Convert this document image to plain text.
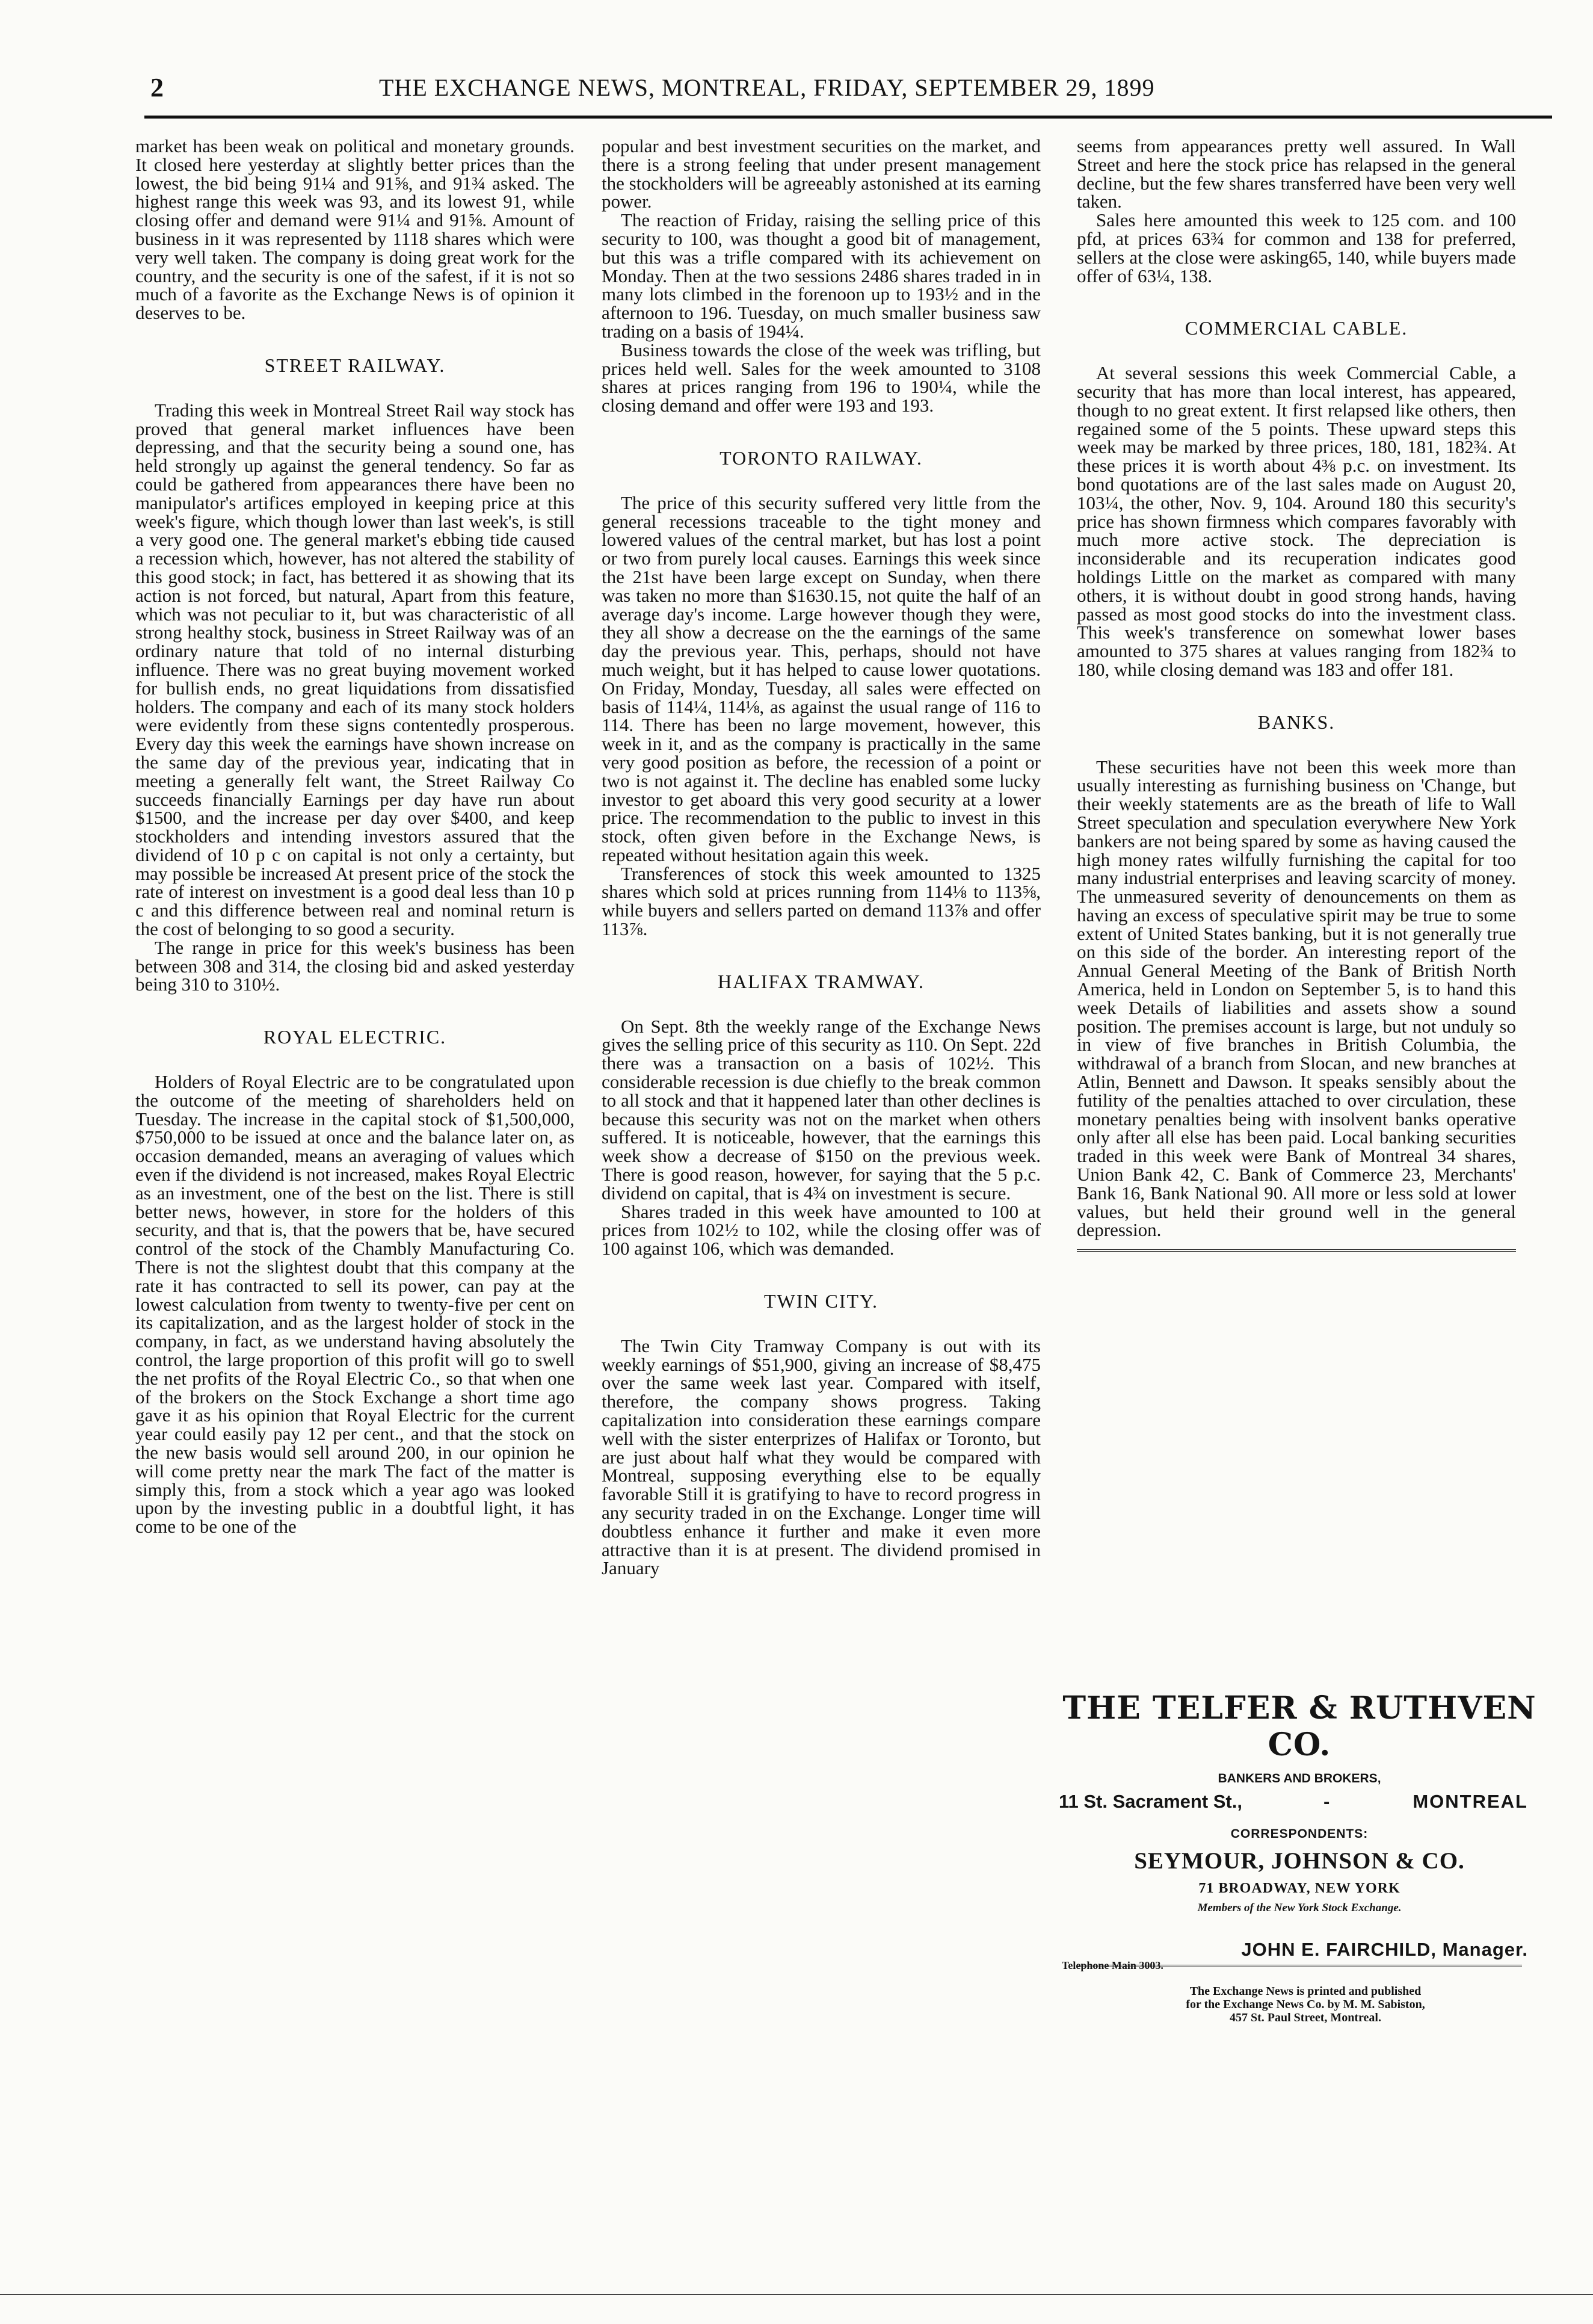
2	THE EXCHANGE NEWS, MONTREAL, FRIDAY, SEPTEMBER 29, 1899

market has been weak on political and monetary grounds. It closed here yesterday at slightly better prices than the lowest, the bid being 91¼ and 91⅝, and 91¾ asked. The highest range this week was 93, and its lowest 91, while closing offer and demand were 91¼ and 91⅝. Amount of business in it was represented by 1118 shares which were very well taken. The company is doing great work for the country, and the security is one of the safest, if it is not so much of a favorite as the Exchange News is of opinion it deserves to be.

STREET RAILWAY.

Trading this week in Montreal Street Rail way stock has proved that general market influences have been depressing, and that the security being a sound one, has held strongly up against the general tendency. So far as could be gathered from appearances there have been no manipulator's artifices employed in keeping price at this week's figure, which though lower than last week's, is still a very good one. The general market's ebbing tide caused a recession which, however, has not altered the stability of this good stock; in fact, has bettered it as showing that its action is not forced, but natural, Apart from this feature, which was not peculiar to it, but was characteristic of all strong healthy stock, business in Street Railway was of an ordinary nature that told of no internal disturbing influence. There was no great buying movement worked for bullish ends, no great liquidations from dissatisfied holders. The company and each of its many stock holders were evidently from these signs contentedly prosperous. Every day this week the earnings have shown increase on the same day of the previous year, indicating that in meeting a generally felt want, the Street Railway Co succeeds financially Earnings per day have run about $1500, and the increase per day over $400, and keep stockholders and intending investors assured that the dividend of 10 p c on capital is not only a certainty, but may possible be increased At present price of the stock the rate of interest on investment is a good deal less than 10 p c and this difference between real and nominal return is the cost of belonging to so good a security.

The range in price for this week's business has been between 308 and 314, the closing bid and asked yesterday being 310 to 310½.

ROYAL ELECTRIC.

Holders of Royal Electric are to be congratulated upon the outcome of the meeting of shareholders held on Tuesday. The increase in the capital stock of $1,500,000, $750,000 to be issued at once and the balance later on, as occasion demanded, means an averaging of values which even if the dividend is not increased, makes Royal Electric as an investment, one of the best on the list. There is still better news, however, in store for the holders of this security, and that is, that the powers that be, have secured control of the stock of the Chambly Manufacturing Co. There is not the slightest doubt that this company at the rate it has contracted to sell its power, can pay at the lowest calculation from twenty to twenty-five per cent on its capitalization, and as the largest holder of stock in the company, in fact, as we understand having absolutely the control, the large proportion of this profit will go to swell the net profits of the Royal Electric Co., so that when one of the brokers on the Stock Exchange a short time ago gave it as his opinion that Royal Electric for the current year could easily pay 12 per cent., and that the stock on the new basis would sell around 200, in our opinion he will come pretty near the mark The fact of the matter is simply this, from a stock which a year ago was looked upon by the investing public in a doubtful light, it has come to be one of the

popular and best investment securities on the market, and there is a strong feeling that under present management the stockholders will be agreeably astonished at its earning power.

The reaction of Friday, raising the selling price of this security to 100, was thought a good bit of management, but this was a trifle compared with its achievement on Monday. Then at the two sessions 2486 shares traded in in many lots climbed in the forenoon up to 193½ and in the afternoon to 196. Tuesday, on much smaller business saw trading on a basis of 194¼.

Business towards the close of the week was trifling, but prices held well. Sales for the week amounted to 3108 shares at prices ranging from 196 to 190¼, while the closing demand and offer were 193 and 193.

TORONTO RAILWAY.

The price of this security suffered very little from the general recessions traceable to the tight money and lowered values of the central market, but has lost a point or two from purely local causes. Earnings this week since the 21st have been large except on Sunday, when there was taken no more than $1630.15, not quite the half of an average day's income. Large however though they were, they all show a decrease on the the earnings of the same day the previous year. This, perhaps, should not have much weight, but it has helped to cause lower quotations. On Friday, Monday, Tuesday, all sales were effected on basis of 114¼, 114⅛, as against the usual range of 116 to 114. There has been no large movement, however, this week in it, and as the company is practically in the same very good position as before, the recession of a point or two is not against it. The decline has enabled some lucky investor to get aboard this very good security at a lower price. The recommendation to the public to invest in this stock, often given before in the Exchange News, is repeated without hesitation again this week.

Transferences of stock this week amounted to 1325 shares which sold at prices running from 114⅛ to 113⅝, while buyers and sellers parted on demand 113⅞ and offer 113⅞.

HALIFAX TRAMWAY.

On Sept. 8th the weekly range of the Exchange News gives the selling price of this security as 110. On Sept. 22d there was a transaction on a basis of 102½. This considerable recession is due chiefly to the break common to all stock and that it happened later than other declines is because this security was not on the market when others suffered. It is noticeable, however, that the earnings this week show a decrease of $150 on the previous week. There is good reason, however, for saying that the 5 p.c. dividend on capital, that is 4¾ on investment is secure.

Shares traded in this week have amounted to 100 at prices from 102½ to 102, while the closing offer was of 100 against 106, which was demanded.

TWIN CITY.

The Twin City Tramway Company is out with its weekly earnings of $51,900, giving an increase of $8,475 over the same week last year. Compared with itself, therefore, the company shows progress. Taking capitalization into consideration these earnings compare well with the sister enterprizes of Halifax or Toronto, but are just about half what they would be compared with Montreal, supposing everything else to be equally favorable Still it is gratifying to have to record progress in any security traded in on the Exchange. Longer time will doubtless enhance it further and make it even more attractive than it is at present. The dividend promised in January

seems from appearances pretty well assured. In Wall Street and here the stock price has relapsed in the general decline, but the few shares transferred have been very well taken.

Sales here amounted this week to 125 com. and 100 pfd, at prices 63¾ for common and 138 for preferred, sellers at the close were asking65, 140, while buyers made offer of 63¼, 138.

COMMERCIAL CABLE.

At several sessions this week Commercial Cable, a security that has more than local interest, has appeared, though to no great extent. It first relapsed like others, then regained some of the 5 points. These upward steps this week may be marked by three prices, 180, 181, 182¾. At these prices it is worth about 4⅜ p.c. on investment. Its bond quotations are of the last sales made on August 20, 103¼, the other, Nov. 9, 104. Around 180 this security's price has shown firmness which compares favorably with much more active stock. The depreciation is inconsiderable and its recuperation indicates good holdings Little on the market as compared with many others, it is without doubt in good strong hands, having passed as most good stocks do into the investment class. This week's transference on somewhat lower bases amounted to 375 shares at values ranging from 182¾ to 180, while closing demand was 183 and offer 181.

BANKS.

These securities have not been this week more than usually interesting as furnishing business on 'Change, but their weekly statements are as the breath of life to Wall Street speculation and speculation everywhere New York bankers are not being spared by some as having caused the high money rates wilfully furnishing the capital for too many industrial enterprises and leaving scarcity of money. The unmeasured severity of denouncements on them as having an excess of speculative spirit may be true to some extent of United States banking, but it is not generally true on this side of the border. An interesting report of the Annual General Meeting of the Bank of British North America, held in London on September 5, is to hand this week Details of liabilities and assets show a sound position. The premises account is large, but not unduly so in view of five branches in British Columbia, the withdrawal of a branch from Slocan, and new branches at Atlin, Bennett and Dawson. It speaks sensibly about the futility of the penalties attached to over circulation, these monetary penalties being with insolvent banks operative only after all else has been paid. Local banking securities traded in this week were Bank of Montreal 34 shares, Union Bank 42, C. Bank of Commerce 23, Merchants' Bank 16, Bank National 90. All more or less sold at lower values, but held their ground well in the general depression.

THE TELFER & RUTHVEN CO.
BANKERS AND BROKERS,
11 St. Sacrament St.,	-	MONTREAL
CORRESPONDENTS:
SEYMOUR, JOHNSON & CO.
71 BROADWAY, NEW YORK
Members of the New York Stock Exchange.
JOHN E. FAIRCHILD, Manager.
Telephone Main 3003.
The Exchange News is printed and published
for the Exchange News Co. by M. M. Sabiston,
457 St. Paul Street, Montreal.
